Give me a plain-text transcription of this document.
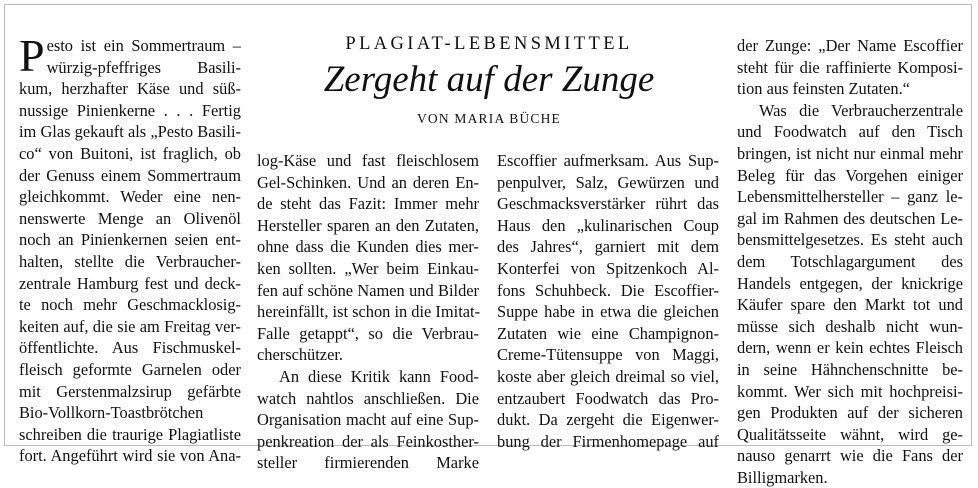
P esto ist ein Sommertraum –
würzig-pfeffriges Basili-
kum, herzhafter Käse und süß-
nussige Pinienkerne . . . Fertig
im Glas gekauft als „Pesto Basili-
co“ von Buitoni, ist fraglich, ob
der Genuss einem Sommertraum
gleichkommt. Weder eine nen-
nenswerte Menge an Olivenöl
noch an Pinienkernen seien ent-
halten, stellte die Verbraucher-
zentrale Hamburg fest und deck-
te noch mehr Geschmacklosig-
keiten auf, die sie am Freitag ver-
öffentlichte. Aus Fischmuskel-
fleisch geformte Garnelen oder
mit Gerstenmalzsirup gefärbte
Bio-Vollkorn-Toastbrötchen
schreiben die traurige Plagiatliste
fort. Angeführt wird sie von Ana-
PLAGIAT-LEBENSMITTEL
Zergeht auf der Zunge
VON MARIA BÜCHE
log-Käse und fast fleischlosem
Gel-Schinken. Und an deren En-
de steht das Fazit: Immer mehr
Hersteller sparen an den Zutaten,
ohne dass die Kunden dies mer-
ken sollten. „Wer beim Einkau-
fen auf schöne Namen und Bilder
hereinfällt, ist schon in die Imitat-
Falle getappt“, so die Verbrau-
cherschützer.
An diese Kritik kann Food-
watch nahtlos anschließen. Die
Organisation macht auf eine Sup-
penkreation der als Feinkosther-
steller firmierenden Marke
Escoffier aufmerksam. Aus Sup-
penpulver, Salz, Gewürzen und
Geschmacksverstärker rührt das
Haus den „kulinarischen Coup
des Jahres“, garniert mit dem
Konterfei von Spitzenkoch Al-
fons Schuhbeck. Die Escoffier-
Suppe habe in etwa die gleichen
Zutaten wie eine Champignon-
Creme-Tütensuppe von Maggi,
koste aber gleich dreimal so viel,
entzaubert Foodwatch das Pro-
dukt. Da zergeht die Eigenwer-
bung der Firmenhomepage auf
der Zunge: „Der Name Escoffier
steht für die raffinierte Komposi-
tion aus feinsten Zutaten.“
Was die Verbraucherzentrale
und Foodwatch auf den Tisch
bringen, ist nicht nur einmal mehr
Beleg für das Vorgehen einiger
Lebensmittelhersteller – ganz le-
gal im Rahmen des deutschen Le-
bensmittelgesetzes. Es steht auch
dem Totschlagargument des
Handels entgegen, der knickrige
Käufer spare den Markt tot und
müsse sich deshalb nicht wun-
dern, wenn er kein echtes Fleisch
in seine Hähnchenschnitte be-
kommt. Wer sich mit hochpreisi-
gen Produkten auf der sicheren
Qualitätsseite wähnt, wird ge-
nauso genarrt wie die Fans der
Billigmarken.
